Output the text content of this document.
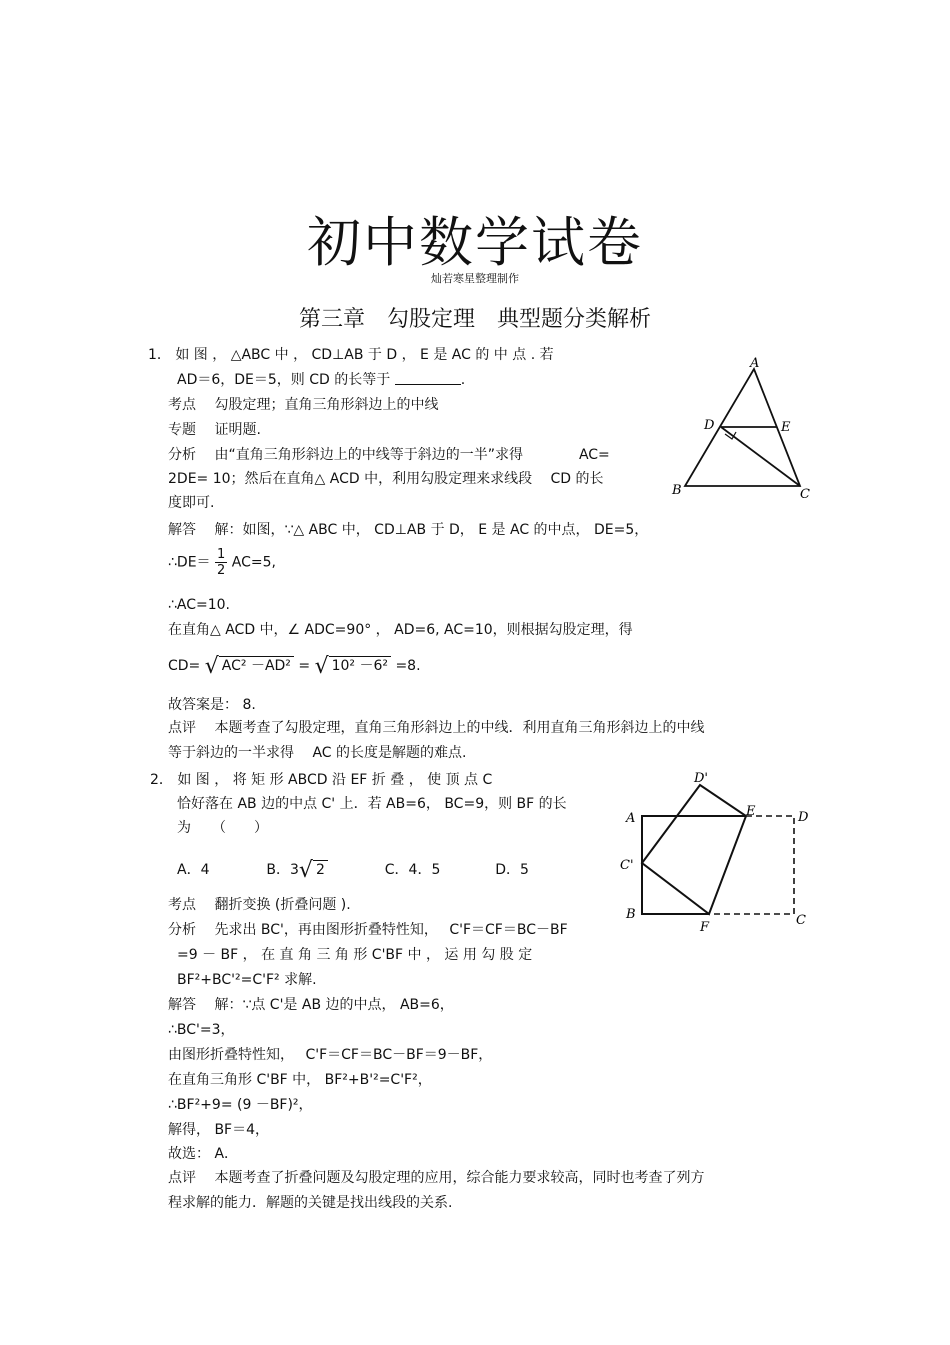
初中数学试卷
灿若寒星整理制作
第三章　勾股定理　典型题分类解析
1． 如 图 ， △ABC 中 ， CD⊥AB 于 D ， E 是 AC 的 中 点 . 若
AD＝6，DE＝5，则 CD 的长等于	.
考点　 勾股定理；直角三角形斜边上的中线
专题　 证明题.
分析　 由“直角三角形斜边上的中线等于斜边的一半”求得　　　　AC=
2DE= 10；然后在直角△ ACD 中，利用勾股定理来求线段　 CD 的长
度即可.
解答　 解：如图，∵△ ABC 中， CD⊥AB 于 D， E 是 AC 的中点， DE=5，
∴DE＝ $\frac{1}{2} AC=5$,
∴AC=10.
在直角△ ACD 中，∠ ADC=90° ， AD=6, AC=10，则根据勾股定理，得
CD= √ AC² －AD² = √ 10² －6² =8.
故答案是： 8.
点评　 本题考查了勾股定理，直角三角形斜边上的中线．利用直角三角形斜边上的中线
等于斜边的一半求得　 AC 的长度是解题的难点.
A
B	C
D	E
2． 如 图 ， 将 矩 形 ABCD 沿 EF 折 叠 ， 使 顶 点 C
恰好落在 AB 边的中点 C' 上．若 AB=6， BC=9，则 BF 的长
为　　（　　）
A．4	B．3√ 2	C．4．5	D．5
考点　 翻折变换 (折叠问题 ).
分析　 先求出 BC'，再由图形折叠特性知，　 C'F＝CF＝BC－BF
=9 － BF ， 在 直 角 三 角 形 C'BF 中 ， 运 用 勾 股 定
BF²+BC'²=C'F² 求解.
解答　 解：∵点 C'是 AB 边的中点， AB=6，
∴BC'=3，
由图形折叠特性知，　 C'F＝CF＝BC－BF＝9－BF，
在直角三角形 C'BF 中， BF²+B'²=C'F²，
∴BF²+9= (9 －BF)²，
解得， BF＝4，
故选： A．
点评　 本题考查了折叠问题及勾股定理的应用，综合能力要求较高，同时也考查了列方
程求解的能力．解题的关键是找出线段的关系.
D'
E	D
A
C'
B
F	C
